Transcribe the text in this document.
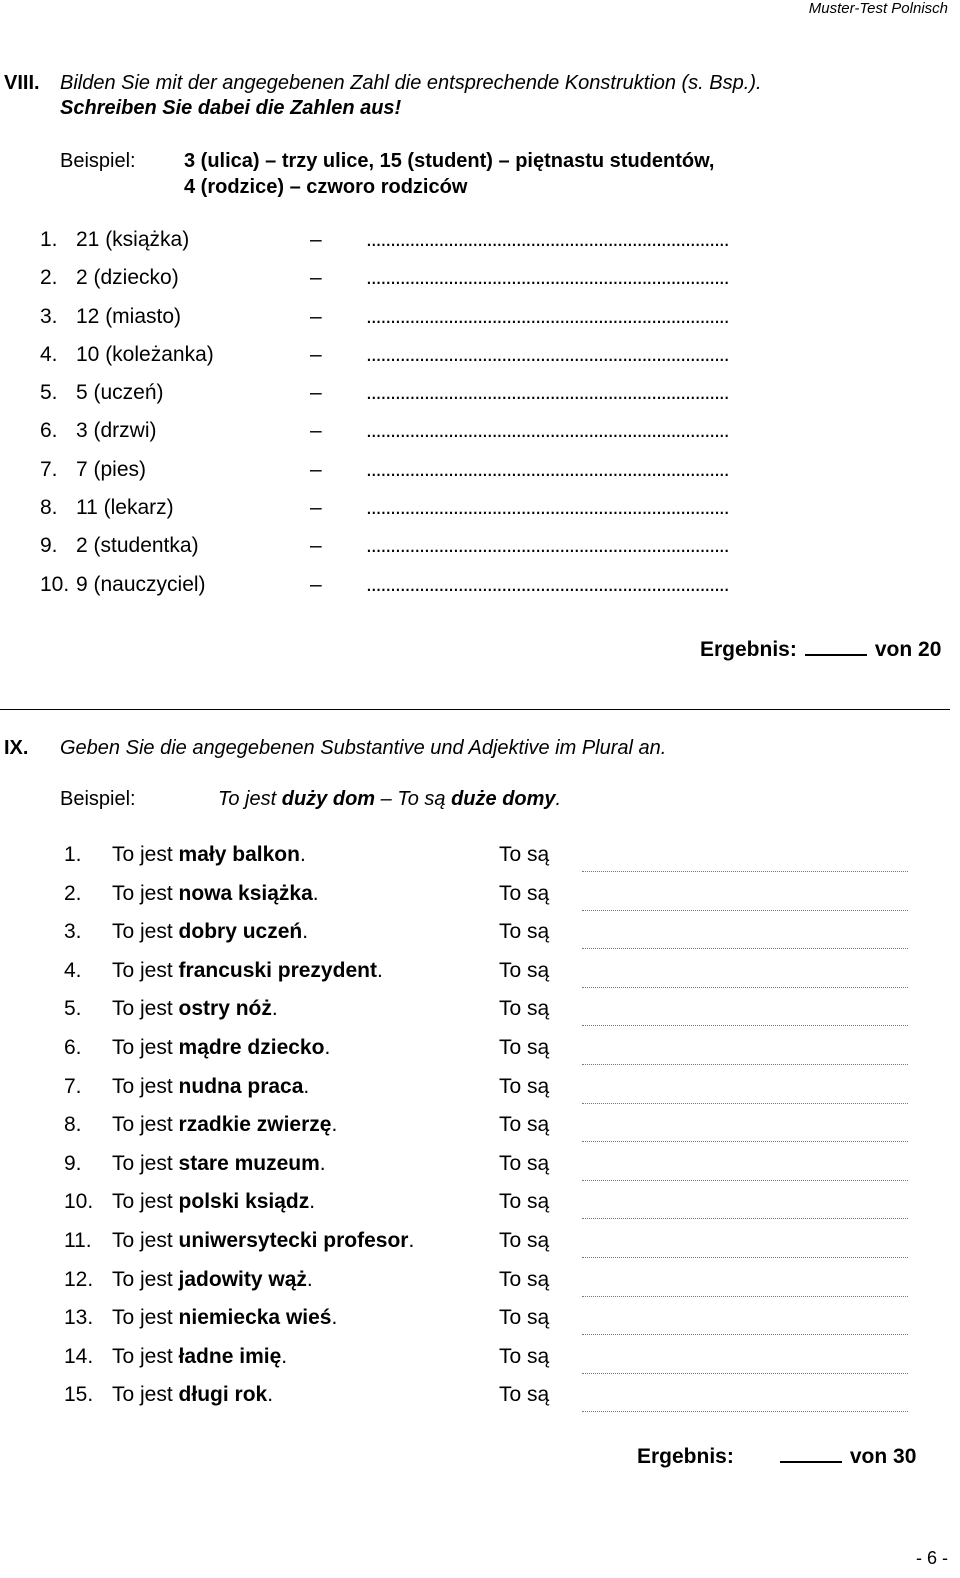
Muster-Test Polnisch
VIII. Bilden Sie mit der angegebenen Zahl die entsprechende Konstruktion (s. Bsp.).
Schreiben Sie dabei die Zahlen aus!
Beispiel: 3 (ulica) – trzy ulice, 15 (student) – piętnastu studentów,
4 (rodzice) – czworo rodziców
1. 21 (książka)	– ...........................................................................
2. 2 (dziecko)	– ...........................................................................
3. 12 (miasto)	– ...........................................................................
4. 10 (koleżanka)	– ...........................................................................
5. 5 (uczeń)	– ...........................................................................
6. 3 (drzwi)	– ...........................................................................
7. 7 (pies)	– ...........................................................................
8. 11 (lekarz)	– ...........................................................................
9. 2 (studentka)	– ...........................................................................
10. 9 (nauczyciel)	– ...........................................................................
Ergebnis:	von 20
IX. Geben Sie die angegebenen Substantive und Adjektive im Plural an.
Beispiel:	To jest duży dom – To są duże domy.
1. To jest mały balkon.	To są
2. To jest nowa książka.	To są
3. To jest dobry uczeń.	To są
4. To jest francuski prezydent.	To są
5. To jest ostry nóż.	To są
6. To jest mądre dziecko.	To są
7. To jest nudna praca.	To są
8. To jest rzadkie zwierzę.	To są
9. To jest stare muzeum.	To są
10. To jest polski ksiądz.	To są
11. To jest uniwersytecki profesor.	To są
12. To jest jadowity wąż.	To są
13. To jest niemiecka wieś.	To są
14. To jest ładne imię.	To są
15. To jest długi rok.	To są
Ergebnis:	von 30
- 6 -
